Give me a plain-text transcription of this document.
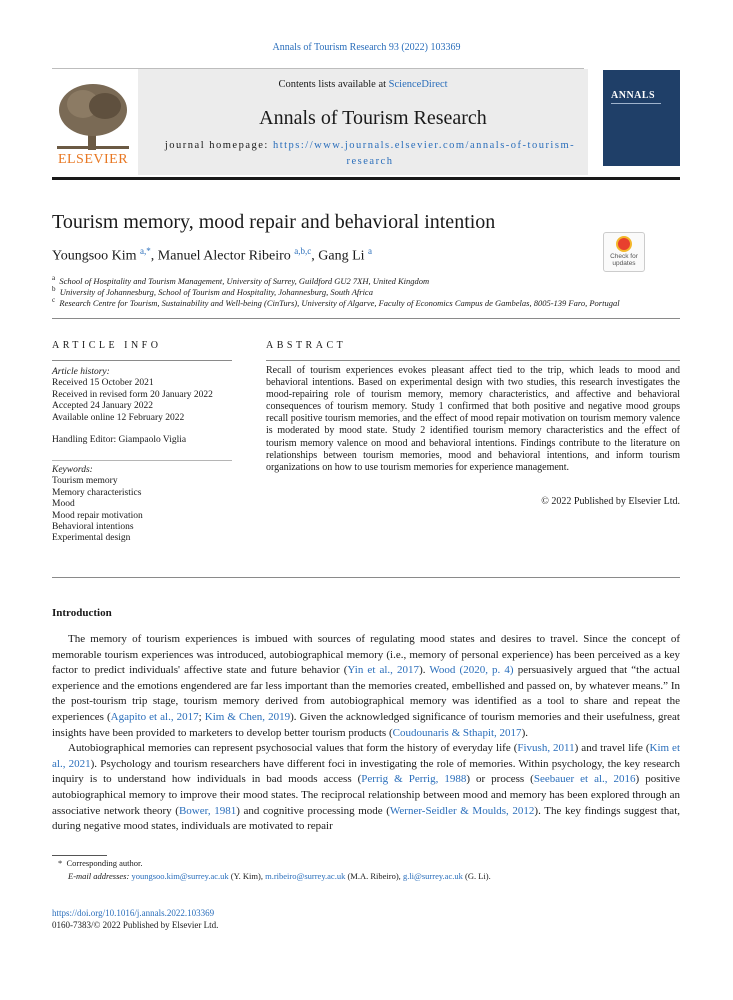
Annals of Tourism Research 93 (2022) 103369
Contents lists available at ScienceDirect
Annals of Tourism Research
journal homepage: https://www.journals.elsevier.com/annals-of-tourism-research
ELSEVIER
ANNALS
Tourism memory, mood repair and behavioral intention
Youngsoo Kim $^{a,*}$, Manuel Alector Ribeiro $^{a,b,c}$, Gang Li $^a$
Check for
updates
$^a$ School of Hospitality and Tourism Management, University of Surrey, Guildford GU2 7XH, United Kingdom
$^b$ University of Johannesburg, School of Tourism and Hospitality, Johannesburg, South Africa
$^c$ Research Centre for Tourism, Sustainability and Well-being (CinTurs), University of Algarve, Faculty of Economics Campus de Gambelas, 8005-139 Faro, Portugal
ARTICLE INFO	ABSTRACT
Article history:
Received 15 October 2021
Received in revised form 20 January 2022
Accepted 24 January 2022
Available online 12 February 2022
Handling Editor: Giampaolo Viglia
Keywords:
Tourism memory
Memory characteristics
Mood
Mood repair motivation
Behavioral intentions
Experimental design
Recall of tourism experiences evokes pleasant affect tied to the trip, which leads to mood and behavioral intentions. Based on experimental design with two studies, this research investigates the mood-repairing role of tourism memory, memory characteristics, and affective and behavioral consequences of tourism memory. Study 1 confirmed that both positive and negative mood groups recall positive tourism memories, and the effect of mood repair motivation on tourism memory valence is moderated by mood state. Study 2 identified tourism memory characteristics and the effect of tourism memory valence on mood and behavioral intentions. Findings contribute to the literature on relationships between tourism memories, mood and behavioral intentions, and inform tourism organizations on how to use tourism memories for experience management.
© 2022 Published by Elsevier Ltd.
Introduction

The memory of tourism experiences is imbued with sources of regulating mood states and desires to travel. Since the concept of memorable tourism experiences was introduced, autobiographical memory (i.e., memory of personal experience) has been perceived as a key factor to predict individuals' affective state and future behavior (Yin et al., 2017). Wood (2020, p. 4) persuasively argued that “the actual experience and the emotions engendered are far less important than the memories created, embellished and passed on, by whatever means.” In the post-tourism trip stage, tourism memory derived from autobiographical memory was identified as a tool to share and repeat the experiences (Agapito et al., 2017; Kim & Chen, 2019). Given the acknowledged significance of tourism memories and their usefulness, great insights have been provided to marketers to develop better tourism products (Coudounaris & Sthapit, 2017).

Autobiographical memories can represent psychosocial values that form the history of everyday life (Fivush, 2011) and travel life (Kim et al., 2021). Psychology and tourism researchers have different foci in investigating the role of memories. Within psychology, the key research inquiry is to understand how individuals in bad moods access (Perrig & Perrig, 1988) or process (Seebauer et al., 2016) positive autobiographical memory to improve their mood states. The reciprocal relationship between mood and memory has been explored through an associative network theory (Bower, 1981) and cognitive processing mode (Werner-Seidler & Moulds, 2012). The key findings suggest that, during negative mood states, individuals are motivated to repair

* Corresponding author.
E-mail addresses: youngsoo.kim@surrey.ac.uk (Y. Kim), m.ribeiro@surrey.ac.uk (M.A. Ribeiro), g.li@surrey.ac.uk (G. Li).
https://doi.org/10.1016/j.annals.2022.103369
0160-7383/© 2022 Published by Elsevier Ltd.
